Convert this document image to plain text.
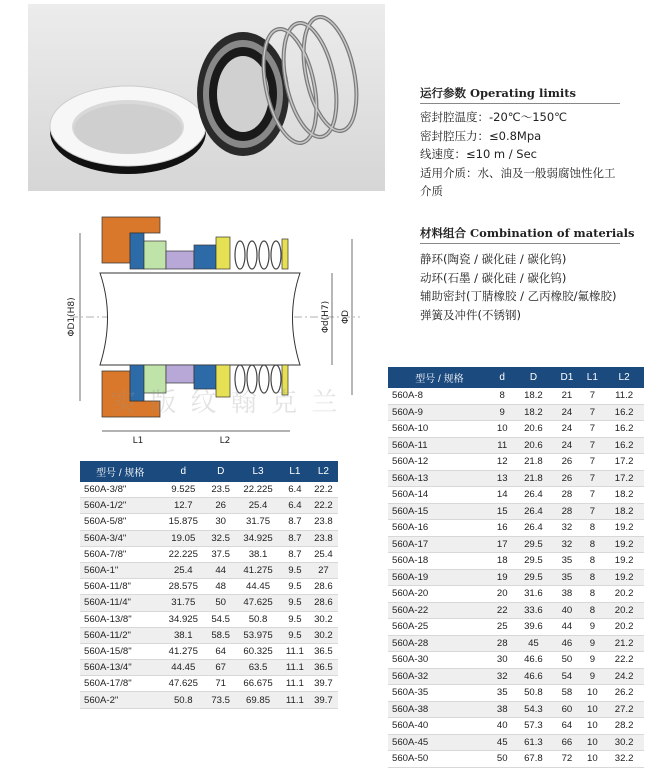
运行参数 Operating limits
密封腔温度：-20℃～150℃
密封腔压力：≤0.8Mpa
线速度：≤10 m / Sec
适用介质：水、油及一般弱腐蚀性化工
介质
材料组合 Combination of materials
静环(陶瓷 / 碳化硅 / 碳化钨)
动环(石墨 / 碳化硅 / 碳化钨)
辅助密封(丁腈橡胶 / 乙丙橡胶/氟橡胶)
弹簧及冲件(不锈钢)
ΦD1(H8)	Φd(H7) ΦD
L1	L2
型号 / 规格	d	D	L3	L1	L2
560A-3/8"	9.525	23.5	22.225	6.4	22.2
560A-1/2"	12.7	26	25.4	6.4	22.2
560A-5/8"	15.875	30	31.75	8.7	23.8
560A-3/4"	19.05	32.5	34.925	8.7	23.8
560A-7/8"	22.225	37.5	38.1	8.7	25.4
560A-1"	25.4	44	41.275	9.5	27
560A-11/8"	28.575	48	44.45	9.5	28.6
560A-11/4"	31.75	50	47.625	9.5	28.6
560A-13/8"	34.925	54.5	50.8	9.5	30.2
560A-11/2"	38.1	58.5	53.975	9.5	30.2
560A-15/8"	41.275	64	60.325	11.1	36.5
560A-13/4"	44.45	67	63.5	11.1	36.5
560A-17/8"	47.625	71	66.675	11.1	39.7
560A-2"	50.8	73.5	69.85	11.1	39.7
型号 / 规格	d	D	D1	L1	L2
560A-8	8	18.2	21	7	11.2
560A-9	9	18.2	24	7	16.2
560A-10	10	20.6	24	7	16.2
560A-11	11	20.6	24	7	16.2
560A-12	12	21.8	26	7	17.2
560A-13	13	21.8	26	7	17.2
560A-14	14	26.4	28	7	18.2
560A-15	15	26.4	28	7	18.2
560A-16	16	26.4	32	8	19.2
560A-17	17	29.5	32	8	19.2
560A-18	18	29.5	35	8	19.2
560A-19	19	29.5	35	8	19.2
560A-20	20	31.6	38	8	20.2
560A-22	22	33.6	40	8	20.2
560A-25	25	39.6	44	9	20.2
560A-28	28	45	46	9	21.2
560A-30	30	46.6	50	9	22.2
560A-32	32	46.6	54	9	24.2
560A-35	35	50.8	58	10	26.2
560A-38	38	54.3	60	10	27.2
560A-40	40	57.3	64	10	28.2
560A-45	45	61.3	66	10	30.2
560A-50	50	67.8	72	10	32.2
实 版 纹 翰 克 兰
